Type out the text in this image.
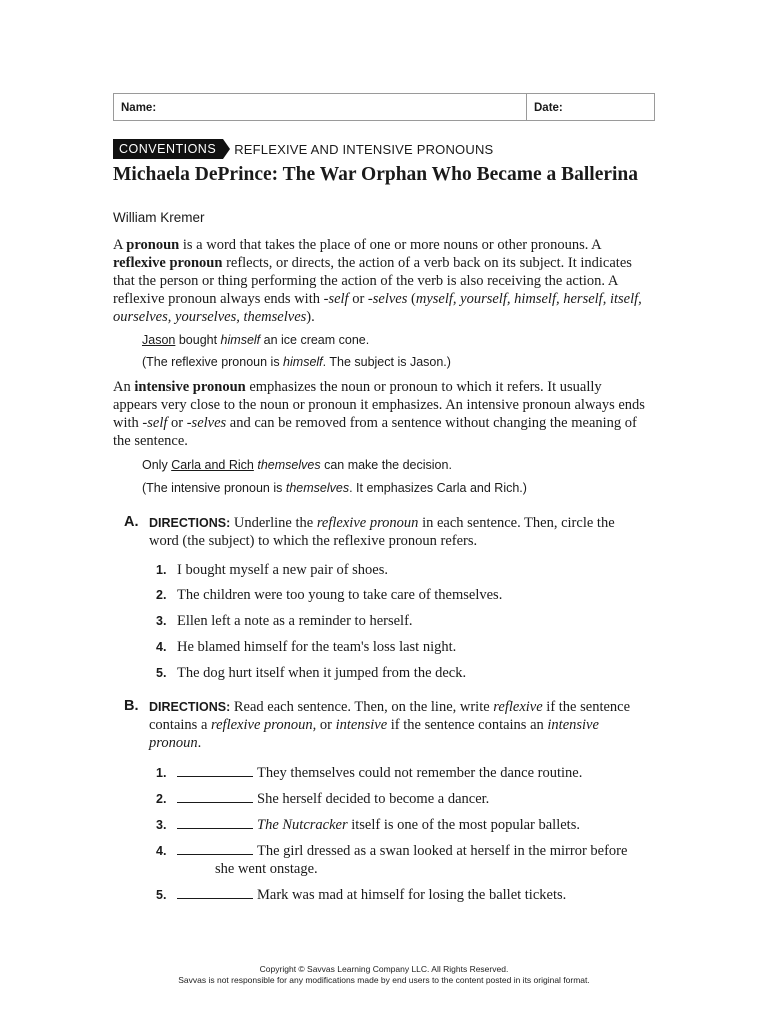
Name:	Date:
CONVENTIONS	REFLEXIVE AND INTENSIVE PRONOUNS
Michaela DePrince: The War Orphan Who Became a Ballerina
William Kremer

A pronoun is a word that takes the place of one or more nouns or other pronouns. A reflexive pronoun reflects, or directs, the action of a verb back on its subject. It indicates that the person or thing performing the action of the verb is also receiving the action. A reflexive pronoun always ends with -self or -selves (myself, yourself, himself, herself, itself, ourselves, yourselves, themselves).

Jason bought himself an ice cream cone.
(The reflexive pronoun is himself. The subject is Jason.)

An intensive pronoun emphasizes the noun or pronoun to which it refers. It usually appears very close to the noun or pronoun it emphasizes. An intensive pronoun always ends with -self or -selves and can be removed from a sentence without changing the meaning of the sentence.

Only Carla and Rich themselves can make the decision.
(The intensive pronoun is themselves. It emphasizes Carla and Rich.)
A. DIRECTIONS: Underline the reflexive pronoun in each sentence. Then, circle the word (the subject) to which the reflexive pronoun refers.
1. I bought myself a new pair of shoes.
2. The children were too young to take care of themselves.
3. Ellen left a note as a reminder to herself.
4. He blamed himself for the team's loss last night.
5. The dog hurt itself when it jumped from the deck.
B. DIRECTIONS: Read each sentence. Then, on the line, write reflexive if the sentence contains a reflexive pronoun, or intensive if the sentence contains an intensive pronoun.
1.	They themselves could not remember the dance routine.
2.	She herself decided to become a dancer.
3.	The Nutcracker itself is one of the most popular ballets.
4.	The girl dressed as a swan looked at herself in the mirror before
she went onstage.
5.	Mark was mad at himself for losing the ballet tickets.
Copyright © Savvas Learning Company LLC. All Rights Reserved.
Savvas is not responsible for any modifications made by end users to the content posted in its original format.
